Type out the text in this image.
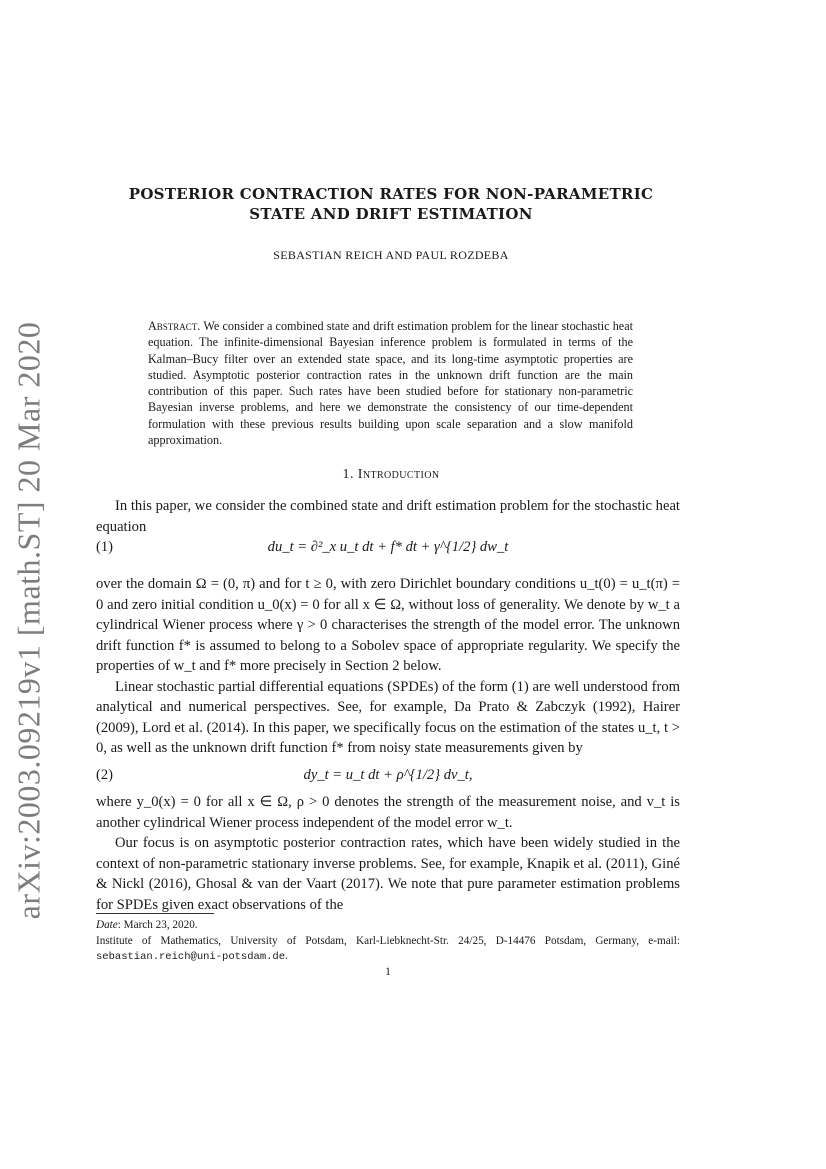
arXiv:2003.09219v1 [math.ST] 20 Mar 2020
POSTERIOR CONTRACTION RATES FOR NON-PARAMETRIC
STATE AND DRIFT ESTIMATION
SEBASTIAN REICH AND PAUL ROZDEBA
Abstract. We consider a combined state and drift estimation problem for the linear stochastic heat equation. The infinite-dimensional Bayesian inference problem is formulated in terms of the Kalman–Bucy filter over an extended state space, and its long-time asymptotic properties are studied. Asymptotic posterior contraction rates in the unknown drift function are the main contribution of this paper. Such rates have been studied before for stationary non-parametric Bayesian inverse problems, and here we demonstrate the consistency of our time-dependent formulation with these previous results building upon scale separation and a slow manifold approximation.
1. Introduction

In this paper, we consider the combined state and drift estimation problem for the stochastic heat equation

(1)	du_t = ∂²_x u_t dt + f* dt + γ^{1/2} dw_t

over the domain Ω = (0, π) and for t ≥ 0, with zero Dirichlet boundary conditions u_t(0) = u_t(π) = 0 and zero initial condition u_0(x) = 0 for all x ∈ Ω, without loss of generality. We denote by w_t a cylindrical Wiener process where γ > 0 characterises the strength of the model error. The unknown drift function f* is assumed to belong to a Sobolev space of appropriate regularity. We specify the properties of w_t and f* more precisely in Section 2 below.

Linear stochastic partial differential equations (SPDEs) of the form (1) are well understood from analytical and numerical perspectives. See, for example, Da Prato & Zabczyk (1992), Hairer (2009), Lord et al. (2014). In this paper, we specifically focus on the estimation of the states u_t, t > 0, as well as the unknown drift function f* from noisy state measurements given by

(2)	dy_t = u_t dt + ρ^{1/2} dv_t,

where y_0(x) = 0 for all x ∈ Ω, ρ > 0 denotes the strength of the measurement noise, and v_t is another cylindrical Wiener process independent of the model error w_t.

Our focus is on asymptotic posterior contraction rates, which have been widely studied in the context of non-parametric stationary inverse problems. See, for example, Knapik et al. (2011), Giné & Nickl (2016), Ghosal & van der Vaart (2017). We note that pure parameter estimation problems for SPDEs given exact observations of the

Date: March 23, 2020.

Institute of Mathematics, University of Potsdam, Karl-Liebknecht-Str. 24/25, D-14476 Potsdam, Germany, e-mail: sebastian.reich@uni-potsdam.de.

1
